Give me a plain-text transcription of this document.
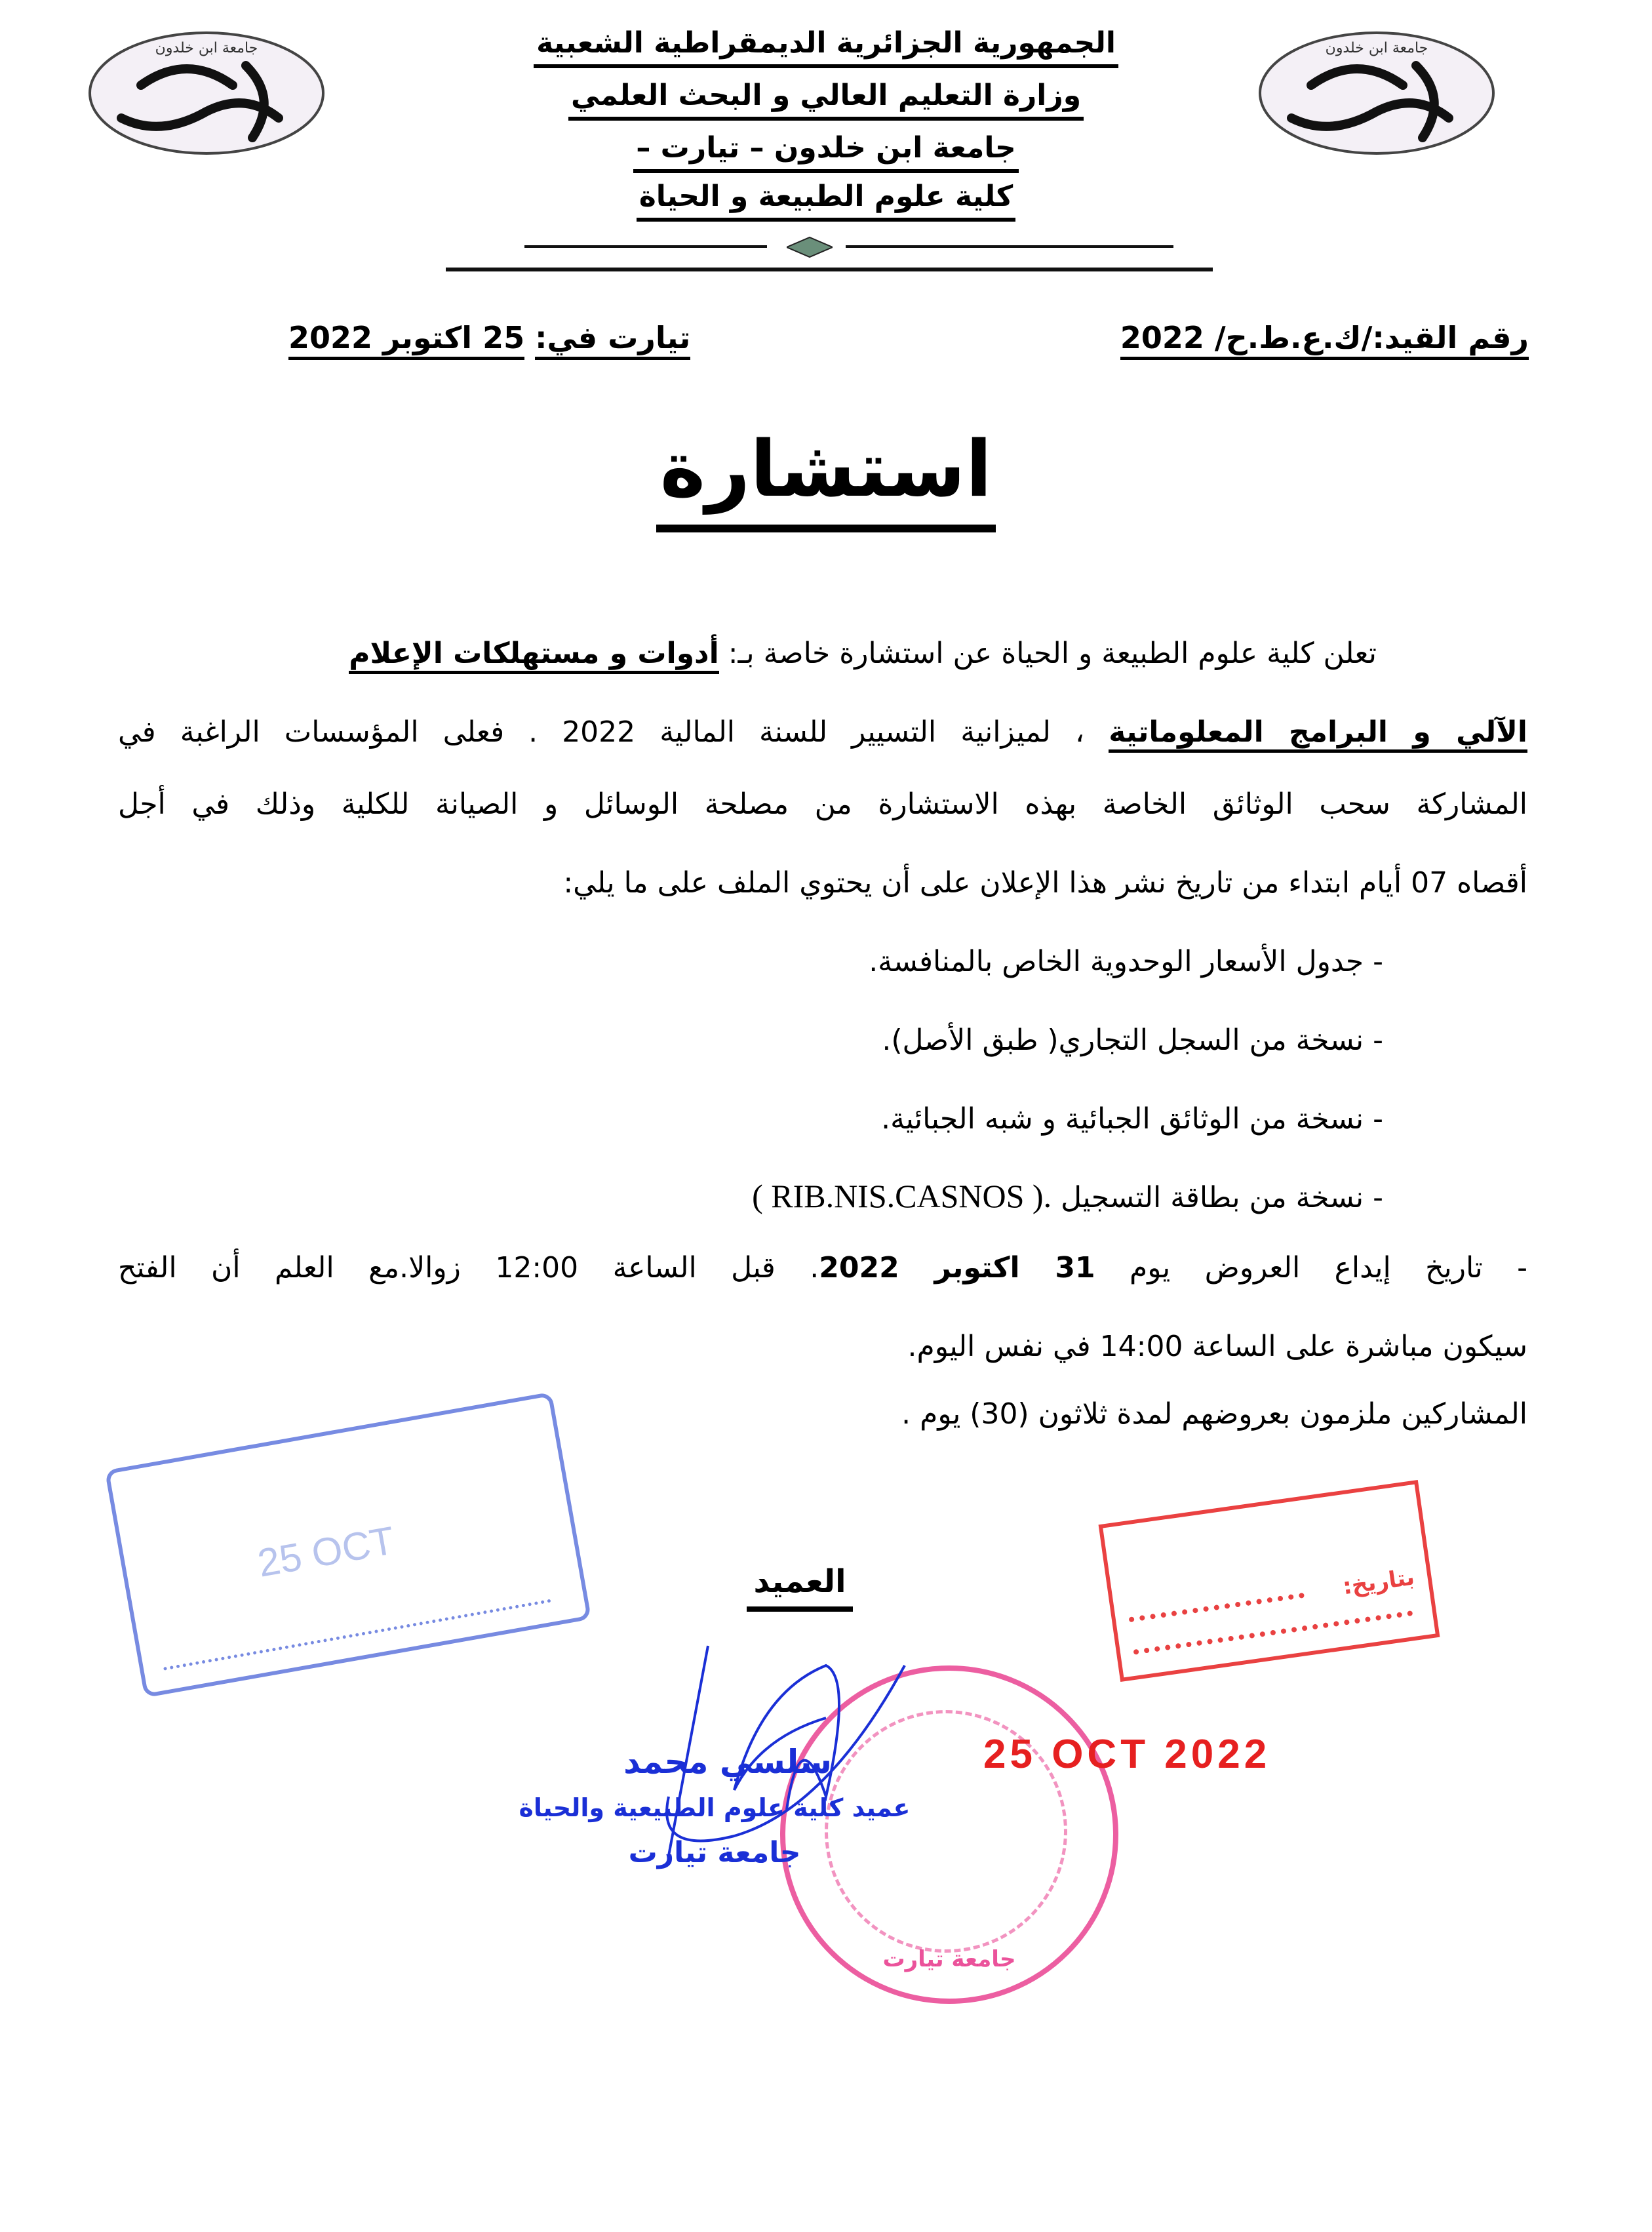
جامعة ابن خلدون	جامعة ابن خلدون
الجمهورية الجزائرية الديمقراطية الشعبية
وزارة التعليم العالي و البحث العلمي
جامعة ابن خلدون – تيارت –
كلية علوم الطبيعة و الحياة
رقم القيد:/ك.ع.ط.ح/ 2022
تيارت في: 25 اكتوبر 2022
استشارة
تعلن كلية علوم الطبيعة و الحياة عن استشارة خاصة بـ: أدوات و مستهلكات الإعلام
الآلي و البرامج المعلوماتية ، لميزانية التسيير للسنة المالية 2022 . فعلى المؤسسات الراغبة في
المشاركة سحب الوثائق الخاصة بهذه الاستشارة من مصلحة الوسائل و الصيانة للكلية وذلك في أجل
أقصاه 07 أيام ابتداء من تاريخ نشر هذا الإعلان على أن يحتوي الملف على ما يلي:
- جدول الأسعار الوحدوية الخاص بالمنافسة.
- نسخة من السجل التجاري( طبق الأصل).
- نسخة من الوثائق الجبائية و شبه الجبائية.
- نسخة من بطاقة التسجيل ( RIB.NIS.CASNOS ).
- تاريخ إيداع العروض يوم 31 اكتوبر 2022. قبل الساعة 12:00 زوالا.مع العلم أن الفتح
سيكون مباشرة على الساعة 14:00 في نفس اليوم.
المشاركين ملزمون بعروضهم لمدة ثلاثون (30) يوم .
25 OCT	بتاريخ:
العميد
جامعة تيارت
25 OCT 2022
سلسي محمد
عميد كلية علوم الطبيعية والحياة
جامعة تيارت
